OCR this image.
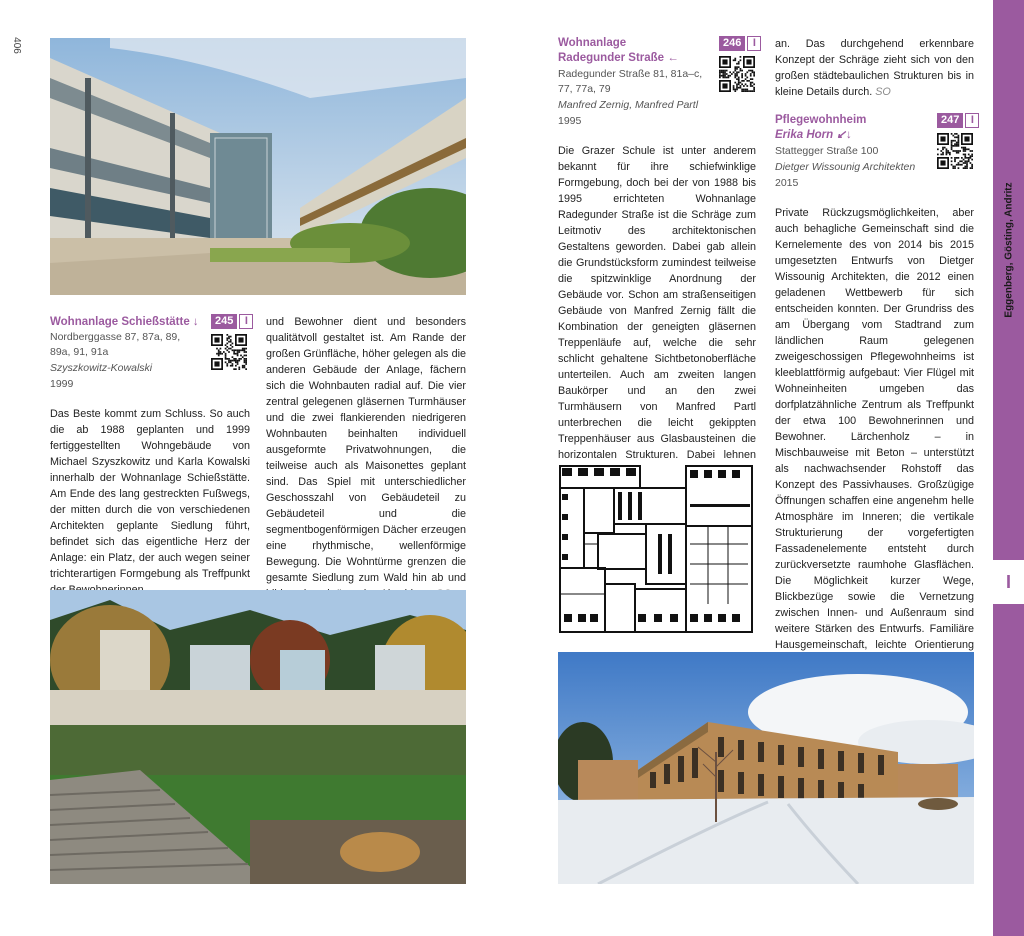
406
Eggenberg, Gösting, Andritz
I
Wohnanlage Schießstätte ↓	245	I
Nordberggasse 87, 87a, 89, 89a, 91, 91a
Szyszkowitz-Kowalski
1999
Das Beste kommt zum Schluss. So auch die ab 1988 geplanten und 1999 fertiggestellten Wohngebäude von Michael Szyszkowitz und Karla Kowalski innerhalb der Wohnanlage Schießstätte. Am Ende des lang gestreckten Fußwegs, der mitten durch die von verschiedenen Architekten geplante Siedlung führt, befindet sich das eigentliche Herz der Anlage: ein Platz, der auch wegen seiner trichterartigen Formgebung als Treffpunkt
und Bewohner dient und besonders qualitätvoll gestaltet ist. Am Rande der großen Grünfläche, höher gelegen als die anderen Gebäude der Anlage, fächern sich die Wohnbauten radial auf. Die vier zentral gelegenen gläsernen Turmhäuser und die zwei flankierenden niedrigeren Wohnbauten beinhalten individuell ausgeformte Privatwohnungen, die teilweise auch als Maisonettes geplant sind. Das Spiel mit unterschiedlicher Geschosszahl von Gebäudeteil zu Gebäudeteil und die segmentbogenförmigen Dächer erzeugen eine rhythmische, wellenförmige Bewegung. Die Wohntürme grenzen die gesamte Siedlung zum Wald hin ab und
Wohnanlage
Radegunder Straße ←
246	I
Radegunder Straße 81, 81a–c,
77, 77a, 79
Manfred Zernig, Manfred Partl
1995
Die Grazer Schule ist unter anderem bekannt für ihre schiefwinklige Formgebung, doch bei der von 1988 bis 1995 errichteten Wohnanlage Radegunder Straße ist die Schräge zum Leitmotiv des architektonischen Gestaltens geworden. Dabei gab allein die Grundstücksform zumindest teilweise die spitzwinklige Anordnung der Gebäude vor. Schon am straßenseitigen Gebäude von Manfred Zernig fällt die Kombination der geneigten gläsernen Treppenläufe auf, welche die sehr schlicht gehaltene Sichtbetonoberfläche unterteilen. Auch am zweiten langen Baukörper und an den zwei Turmhäusern von Manfred Partl unterbrechen die leicht gekippten Treppenhäuser aus Glasbausteinen die horizontalen Strukturen. Dabei lehnen
an. Das durchgehend erkennbare Konzept der Schräge zieht sich von den großen städtebaulichen Strukturen bis in kleine Details durch. SO
Pflegewohnheim
Erika Horn ↙↓
247	I
Stattegger Straße 100
Dietger Wissounig Architekten
2015
Private Rückzugsmöglichkeiten, aber auch behagliche Gemeinschaft sind die Kernelemente des von 2014 bis 2015 umgesetzten Entwurfs von Dietger Wissounig Architekten, die 2012 einen geladenen Wettbewerb für sich entscheiden konnten. Der Grundriss des am Übergang vom Stadtrand zum ländlichen Raum gelegenen zweigeschossigen Pflegewohnheims ist kleeblattförmig aufgebaut: Vier Flügel mit Wohneinheiten umgeben das dorfplatzähnliche Zentrum als Treffpunkt der etwa 100 Bewohnerinnen und Bewohner. Lärchenholz – in Mischbauweise mit Beton – unterstützt als nachwachsender Rohstoff das Konzept des Passivhauses. Großzügige Öffnungen schaffen eine angenehm helle Atmosphäre im Inneren; die vertikale Strukturierung der vorgefertigten Fassadenelemente entsteht durch zurückversetzte raumhohe Glasflächen. Die Möglichkeit kurzer Wege, Blickbezüge sowie die Vernetzung zwischen Innen- und Außenraum sind weitere Stärken des Entwurfs. Familiäre Hausgemeinschaft, leichte Orientierung
